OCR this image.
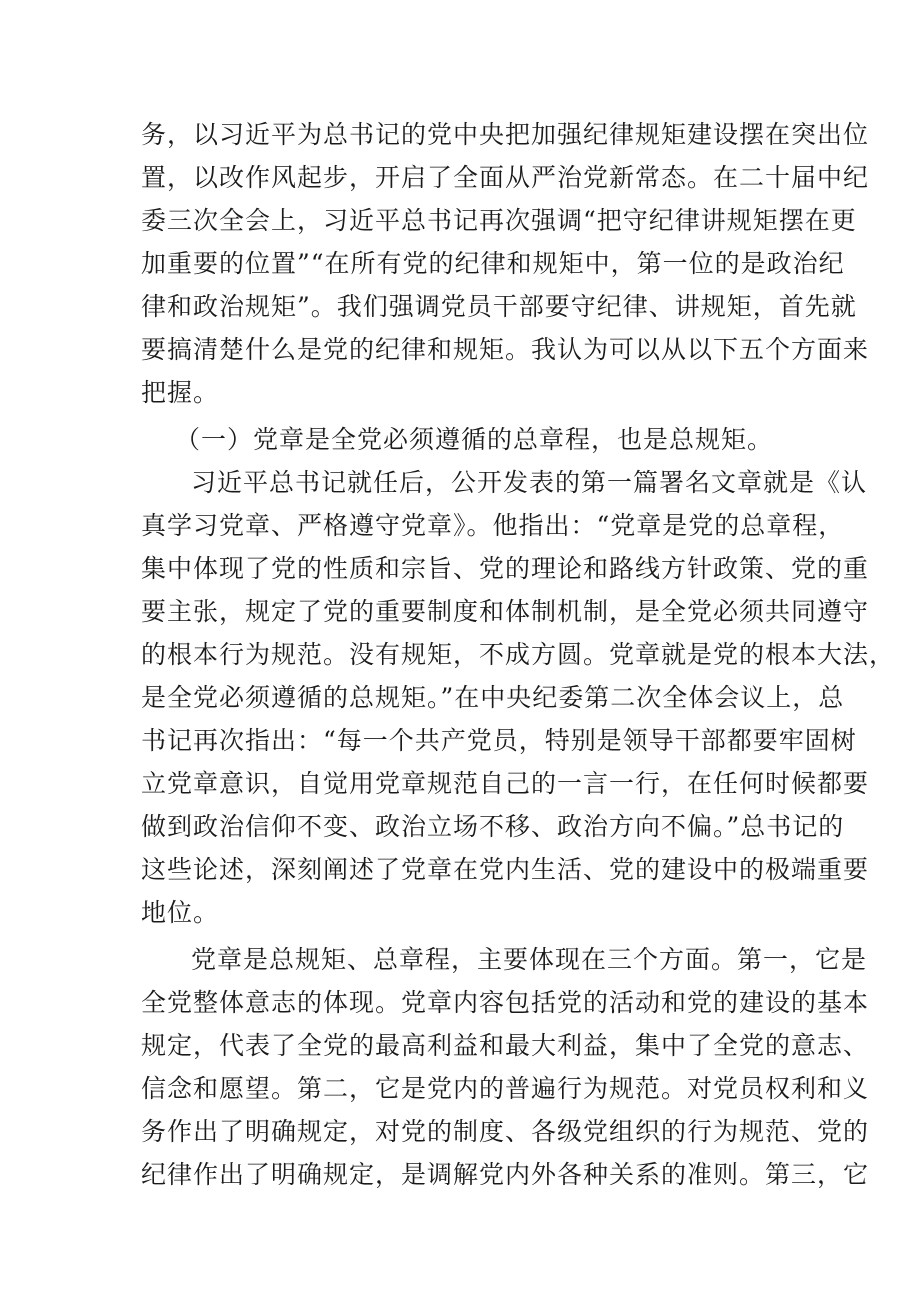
务，以习近平为总书记的党中央把加强纪律规矩建设摆在突出位
置，以改作风起步，开启了全面从严治党新常态。在二十届中纪
委三次全会上，习近平总书记再次强调“把守纪律讲规矩摆在更
加重要的位置”“在所有党的纪律和规矩中，第一位的是政治纪
律和政治规矩”。我们强调党员干部要守纪律、讲规矩，首先就
要搞清楚什么是党的纪律和规矩。我认为可以从以下五个方面来
把握。
（一）党章是全党必须遵循的总章程，也是总规矩。
习近平总书记就任后，公开发表的第一篇署名文章就是《认
真学习党章、严格遵守党章》。他指出：“党章是党的总章程，
集中体现了党的性质和宗旨、党的理论和路线方针政策、党的重
要主张，规定了党的重要制度和体制机制，是全党必须共同遵守
的根本行为规范。没有规矩，不成方圆。党章就是党的根本大法，
是全党必须遵循的总规矩。”在中央纪委第二次全体会议上，总
书记再次指出：“每一个共产党员，特别是领导干部都要牢固树
立党章意识，自觉用党章规范自己的一言一行，在任何时候都要
做到政治信仰不变、政治立场不移、政治方向不偏。”总书记的
这些论述，深刻阐述了党章在党内生活、党的建设中的极端重要
地位。
党章是总规矩、总章程，主要体现在三个方面。第一，它是
全党整体意志的体现。党章内容包括党的活动和党的建设的基本
规定，代表了全党的最高利益和最大利益，集中了全党的意志、
信念和愿望。第二，它是党内的普遍行为规范。对党员权利和义
务作出了明确规定，对党的制度、各级党组织的行为规范、党的
纪律作出了明确规定，是调解党内外各种关系的准则。第三，它
